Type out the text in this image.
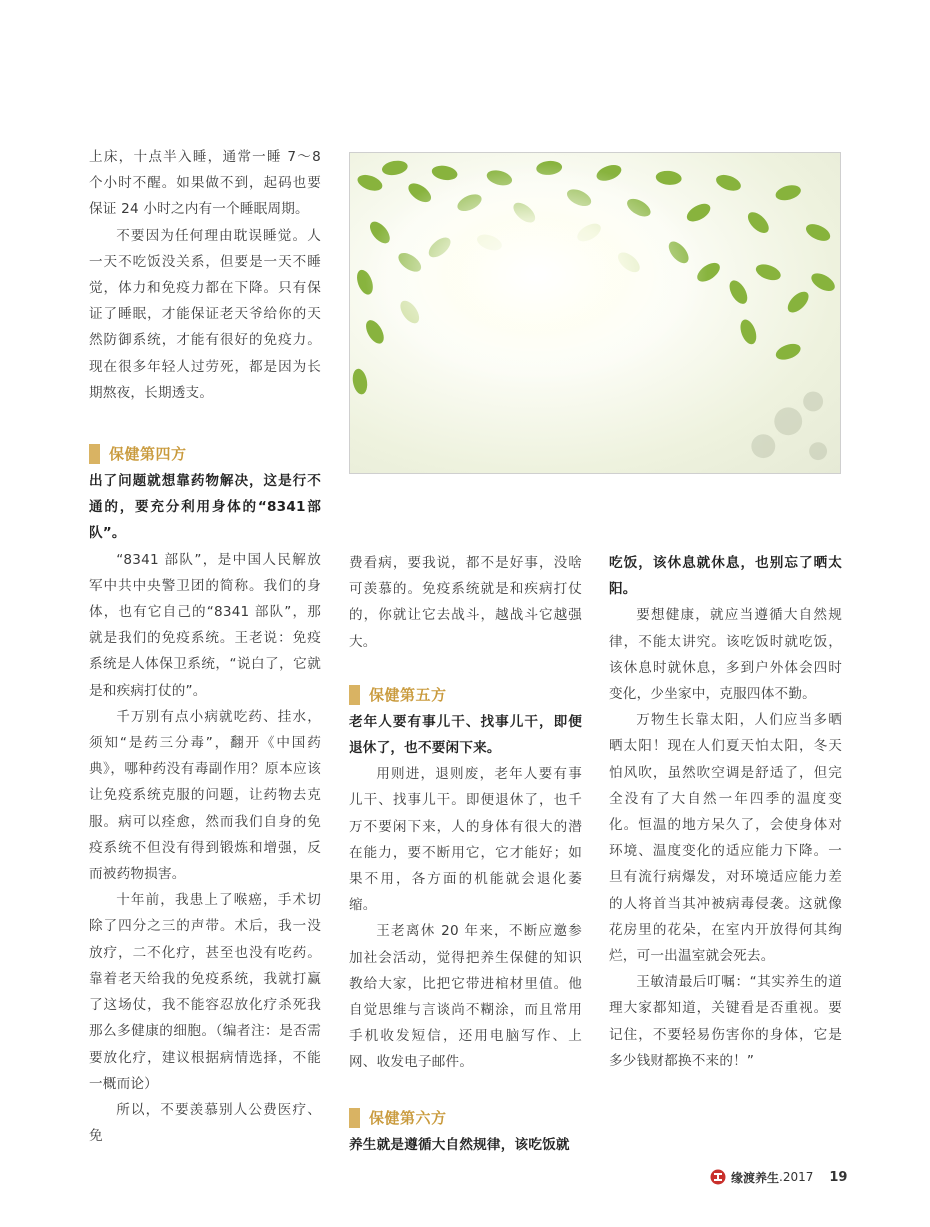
上床，十点半入睡，通常一睡 7～8 个小时不醒。如果做不到，起码也要保证 24 小时之内有一个睡眠周期。

不要因为任何理由耽误睡觉。人一天不吃饭没关系，但要是一天不睡觉，体力和免疫力都在下降。只有保证了睡眠，才能保证老天爷给你的天然防御系统，才能有很好的免疫力。现在很多年轻人过劳死，都是因为长期熬夜，长期透支。

保健第四方

出了问题就想靠药物解决，这是行不通的，要充分利用身体的“8341部队”。

“8341 部队”，是中国人民解放军中共中央警卫团的简称。我们的身体，也有它自己的“8341 部队”，那就是我们的免疫系统。王老说：免疫系统是人体保卫系统，“说白了，它就是和疾病打仗的”。

千万别有点小病就吃药、挂水，须知“是药三分毒”，翻开《中国药典》，哪种药没有毒副作用？原本应该让免疫系统克服的问题，让药物去克服。病可以痊愈，然而我们自身的免疫系统不但没有得到锻炼和增强，反而被药物损害。

十年前，我患上了喉癌，手术切除了四分之三的声带。术后，我一没放疗，二不化疗，甚至也没有吃药。靠着老天给我的免疫系统，我就打赢了这场仗，我不能容忍放化疗杀死我那么多健康的细胞。（编者注：是否需要放化疗，建议根据病情选择，不能一概而论）

所以，不要羡慕别人公费医疗、免

费看病，要我说，都不是好事，没啥可羡慕的。免疫系统就是和疾病打仗的，你就让它去战斗，越战斗它越强大。

保健第五方

老年人要有事儿干、找事儿干，即便退休了，也不要闲下来。

用则进，退则废，老年人要有事儿干、找事儿干。即便退休了，也千万不要闲下来，人的身体有很大的潜在能力，要不断用它，它才能好；如果不用，各方面的机能就会退化萎缩。

王老离休 20 年来，不断应邀参加社会活动，觉得把养生保健的知识教给大家，比把它带进棺材里值。他自觉思维与言谈尚不糊涂，而且常用手机收发短信，还用电脑写作、上网、收发电子邮件。

保健第六方

养生就是遵循大自然规律，该吃饭就

吃饭，该休息就休息，也别忘了晒太阳。

要想健康，就应当遵循大自然规律，不能太讲究。该吃饭时就吃饭，该休息时就休息，多到户外体会四时变化，少坐家中，克服四体不勤。

万物生长靠太阳，人们应当多晒晒太阳！现在人们夏天怕太阳，冬天怕风吹，虽然吹空调是舒适了，但完全没有了大自然一年四季的温度变化。恒温的地方呆久了，会使身体对环境、温度变化的适应能力下降。一旦有流行病爆发，对环境适应能力差的人将首当其冲被病毒侵袭。这就像花房里的花朵，在室内开放得何其绚烂，可一出温室就会死去。

王敏清最后叮嘱：“其实养生的道理大家都知道，关键看是否重视。要记住，不要轻易伤害你的身体，它是多少钱财都换不来的！”

缘渡养生 .2017 19
